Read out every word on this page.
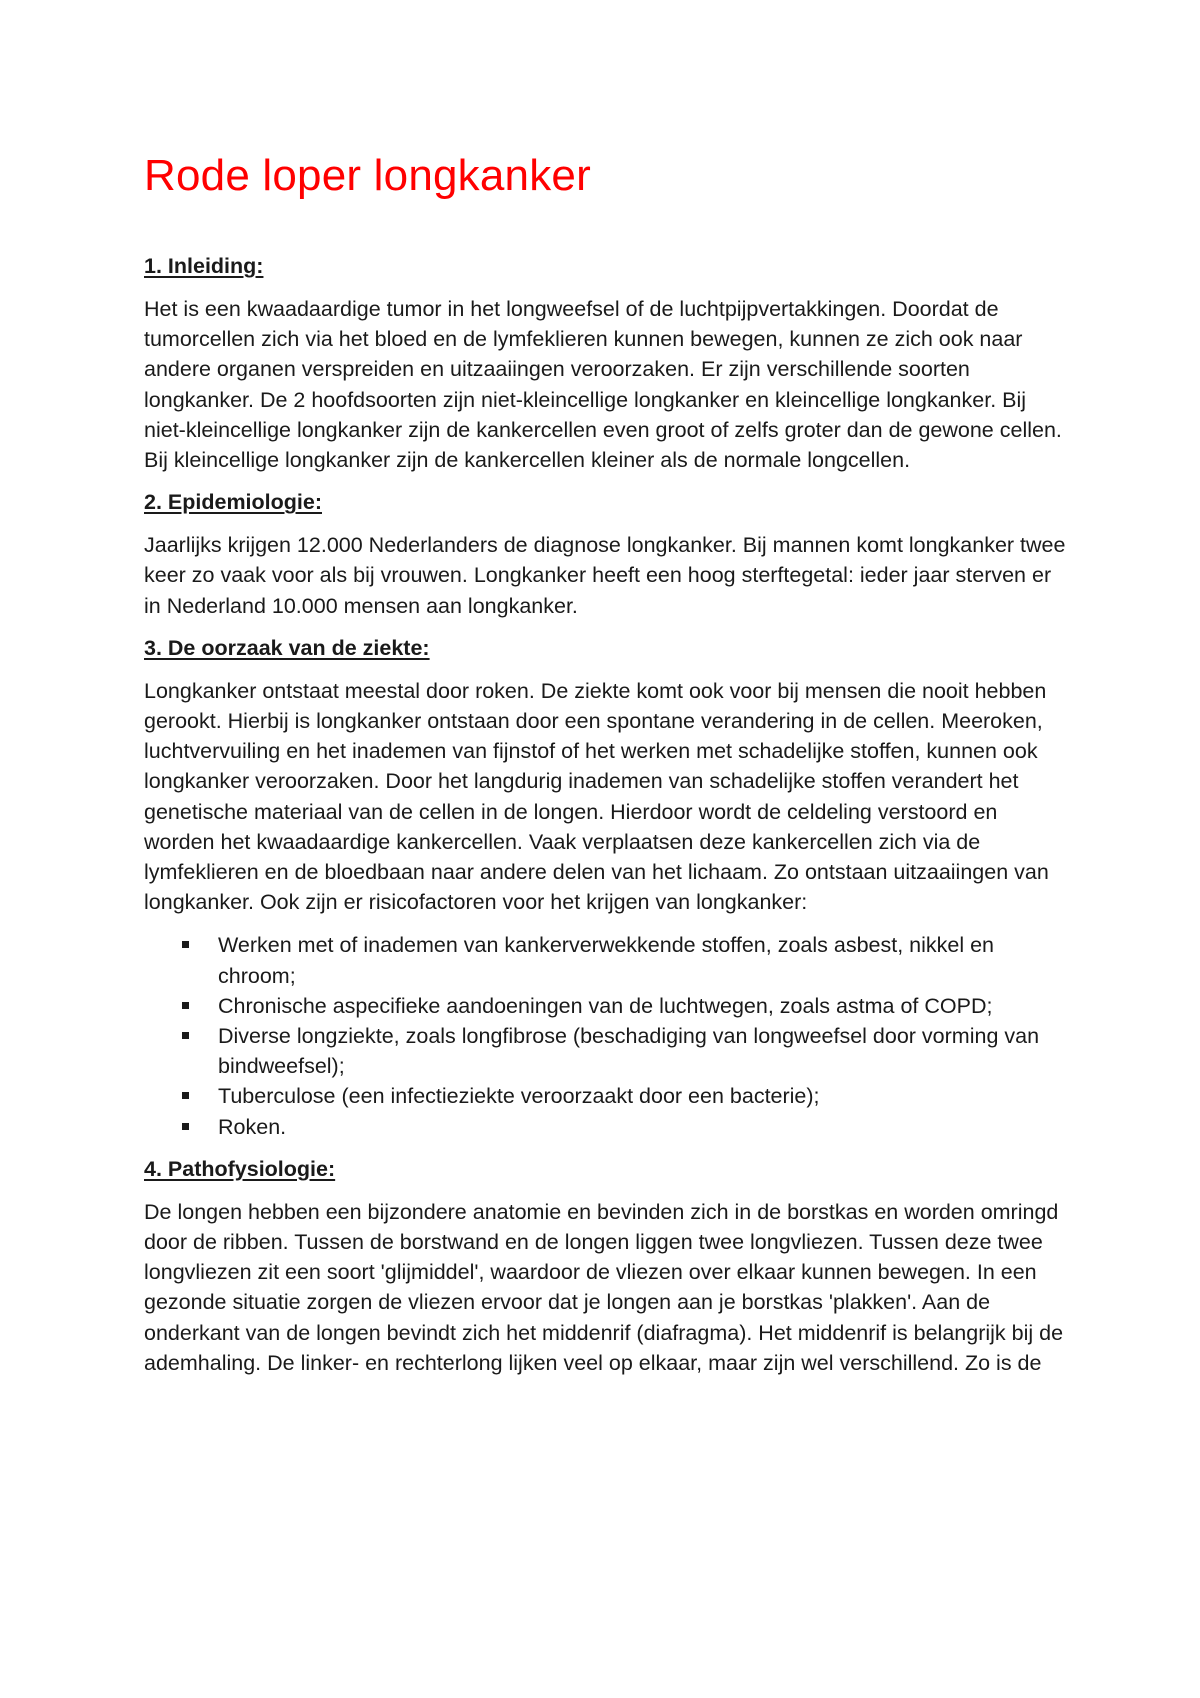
Rode loper longkanker
1. Inleiding:

Het is een kwaadaardige tumor in het longweefsel of de luchtpijpvertakkingen. Doordat de tumorcellen zich via het bloed en de lymfeklieren kunnen bewegen, kunnen ze zich ook naar andere organen verspreiden en uitzaaiingen veroorzaken. Er zijn verschillende soorten longkanker. De 2 hoofdsoorten zijn niet-kleincellige longkanker en kleincellige longkanker. Bij niet-kleincellige longkanker zijn de kankercellen even groot of zelfs groter dan de gewone cellen. Bij kleincellige longkanker zijn de kankercellen kleiner als de normale longcellen.

2. Epidemiologie:

Jaarlijks krijgen 12.000 Nederlanders de diagnose longkanker. Bij mannen komt longkanker twee keer zo vaak voor als bij vrouwen. Longkanker heeft een hoog sterftegetal: ieder jaar sterven er in Nederland 10.000 mensen aan longkanker.

3. De oorzaak van de ziekte:

Longkanker ontstaat meestal door roken. De ziekte komt ook voor bij mensen die nooit hebben gerookt. Hierbij is longkanker ontstaan door een spontane verandering in de cellen. Meeroken, luchtvervuiling en het inademen van fijnstof of het werken met schadelijke stoffen, kunnen ook longkanker veroorzaken. Door het langdurig inademen van schadelijke stoffen verandert het genetische materiaal van de cellen in de longen. Hierdoor wordt de celdeling verstoord en worden het kwaadaardige kankercellen. Vaak verplaatsen deze kankercellen zich via de lymfeklieren en de bloedbaan naar andere delen van het lichaam. Zo ontstaan uitzaaiingen van longkanker. Ook zijn er risicofactoren voor het krijgen van longkanker:

Werken met of inademen van kankerverwekkende stoffen, zoals asbest, nikkel en chroom;
Chronische aspecifieke aandoeningen van de luchtwegen, zoals astma of COPD;
Diverse longziekte, zoals longfibrose (beschadiging van longweefsel door vorming van bindweefsel);
Tuberculose (een infectieziekte veroorzaakt door een bacterie);
Roken.
4. Pathofysiologie:

De longen hebben een bijzondere anatomie en bevinden zich in de borstkas en worden omringd door de ribben. Tussen de borstwand en de longen liggen twee longvliezen. Tussen deze twee longvliezen zit een soort 'glijmiddel', waardoor de vliezen over elkaar kunnen bewegen. In een gezonde situatie zorgen de vliezen ervoor dat je longen aan je borstkas 'plakken'. Aan de onderkant van de longen bevindt zich het middenrif (diafragma). Het middenrif is belangrijk bij de ademhaling. De linker- en rechterlong lijken veel op elkaar, maar zijn wel verschillend. Zo is de
